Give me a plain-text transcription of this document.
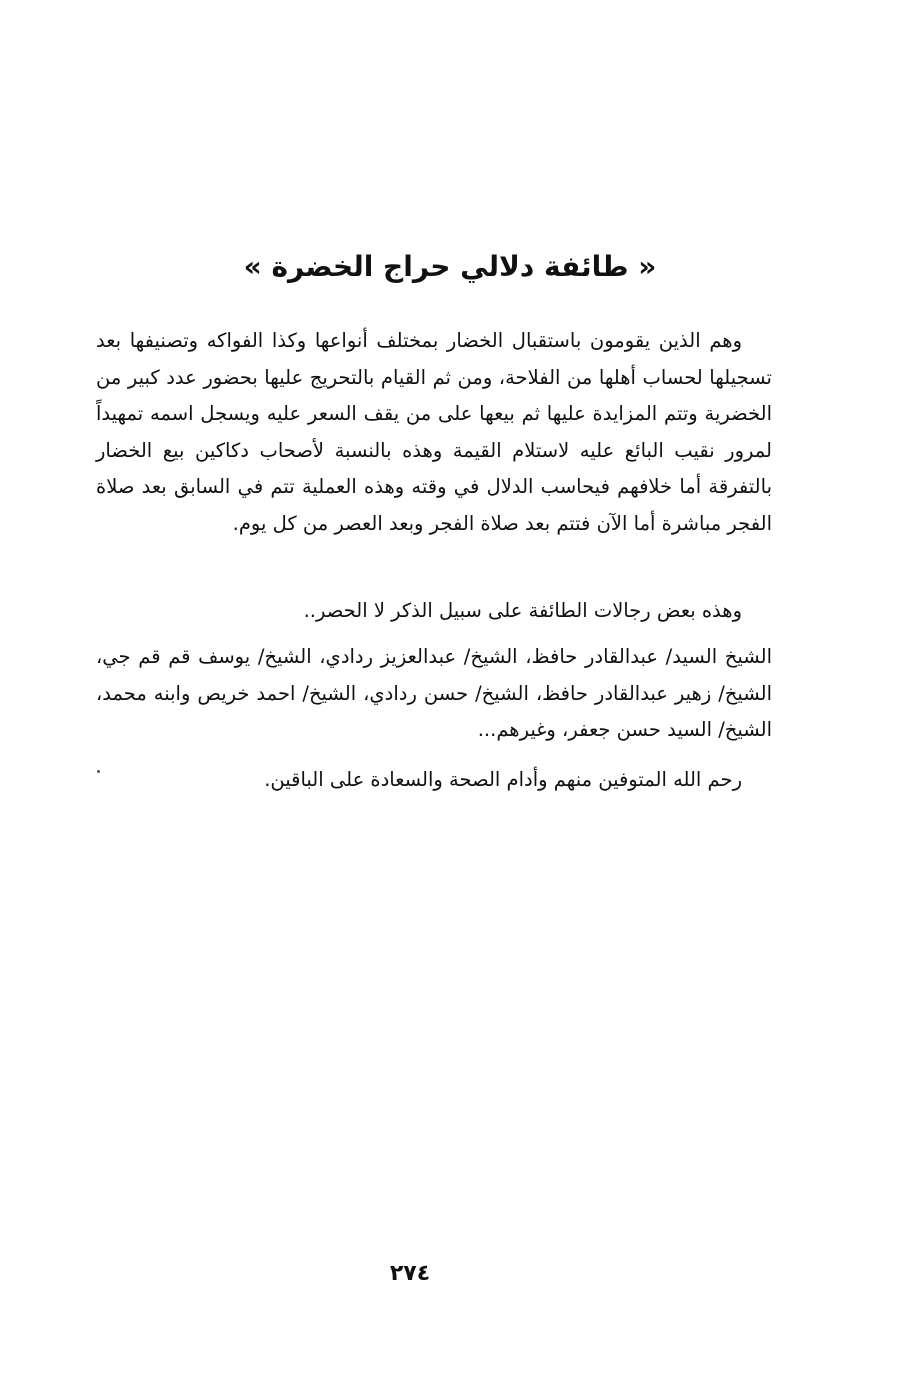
« طائفة دلالي حراج الخضرة »

وهم الذين يقومون باستقبال الخضار بمختلف أنواعها وكذا الفواكه وتصنيفها بعد تسجيلها لحساب أهلها من الفلاحة، ومن ثم القيام بالتحريج عليها بحضور عدد كبير من الخضرية وتتم المزايدة عليها ثم بيعها على من يقف السعر عليه ويسجل اسمه تمهيداً لمرور نقيب البائع عليه لاستلام القيمة وهذه بالنسبة لأصحاب دكاكين بيع الخضار بالتفرقة أما خلافهم فيحاسب الدلال في وقته وهذه العملية تتم في السابق بعد صلاة الفجر مباشرة أما الآن فتتم بعد صلاة الفجر وبعد العصر من كل يوم.

وهذه بعض رجالات الطائفة على سبيل الذكر لا الحصر..

الشيخ السيد/ عبدالقادر حافظ، الشيخ/ عبدالعزيز ردادي، الشيخ/ يوسف قم قم جي، الشيخ/ زهير عبدالقادر حافظ، الشيخ/ حسن ردادي، الشيخ/ احمد خريص وابنه محمد، الشيخ/ السيد حسن جعفر، وغيرهم...

رحم الله المتوفين منهم وأدام الصحة والسعادة على الباقين.

٢٧٤
